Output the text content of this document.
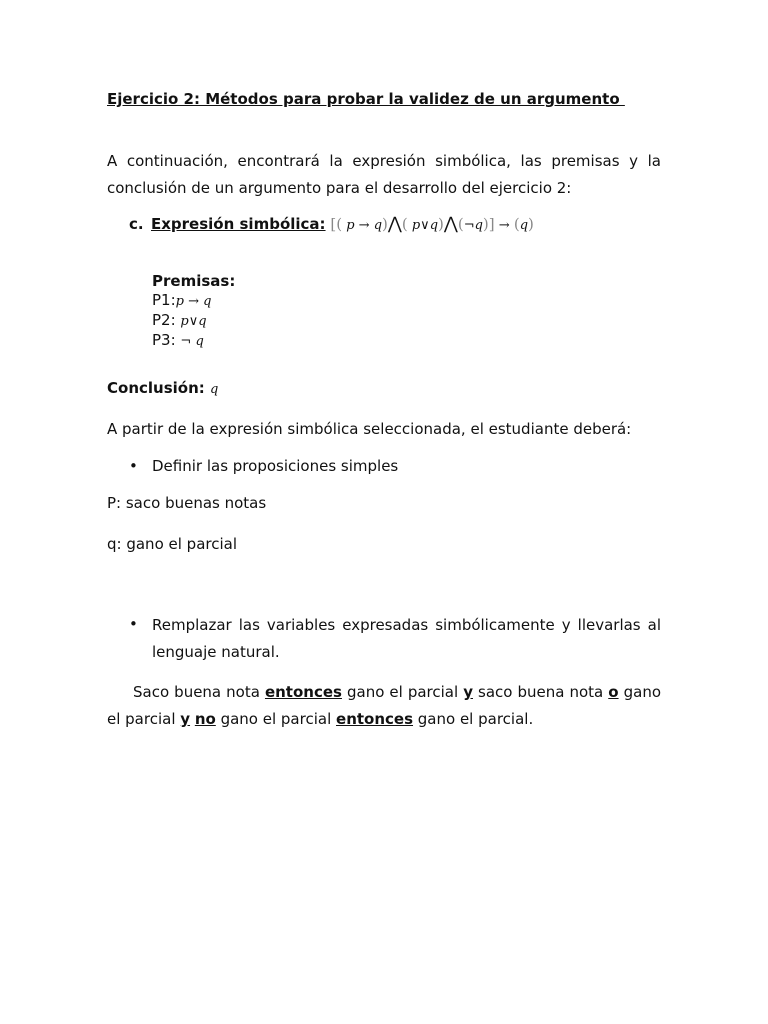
Ejercicio 2: Métodos para probar la validez de un argumento
A continuación, encontrará la expresión simbólica, las premisas y la conclusión de un argumento para el desarrollo del ejercicio 2:
c. Expresión simbólica: [( p → q)⋀( p∨q)⋀(¬q)] → (q)
Premisas:
P1:p → q
P2: p∨q
P3: ¬ q
Conclusión: q
A partir de la expresión simbólica seleccionada, el estudiante deberá:
• Definir las proposiciones simples
P: saco buenas notas
q: gano el parcial
• Remplazar las variables expresadas simbólicamente y llevarlas al lenguaje natural.
Saco buena nota entonces gano el parcial y saco buena nota o gano el parcial y no gano el parcial entonces gano el parcial.
